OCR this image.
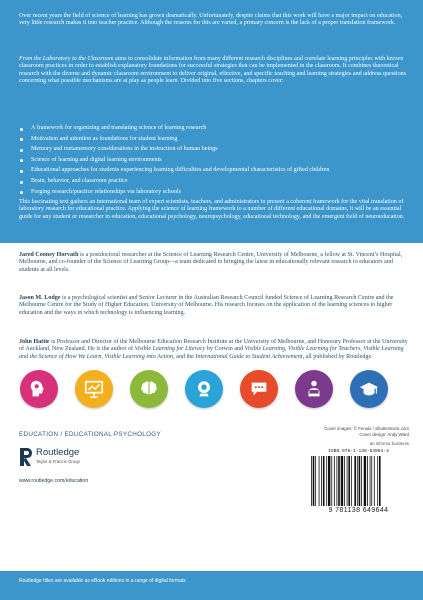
Over recent years the field of science of learning has grown dramatically. Unfortunately, despite claims that this work will have a major impact on education, very little research makes it into teacher practice. Although the reasons for this are varied, a primary concern is the lack of a proper translation framework.

From the Laboratory to the Classroom aims to consolidate information from many different research disciplines and correlate learning principles with known classroom practices in order to establish explanatory foundations for successful strategies that can be implemented in the classroom. It combines theoretical research with the diverse and dynamic classroom environment to deliver original, effective, and specific teaching and learning strategies and address questions concerning what possible mechanisms are at play as people learn. Divided into five sections, chapters cover:

A framework for organizing and translating science of learning research
Motivation and attention as foundations for student learning
Memory and metamemory considerations in the instruction of human beings
Science of learning and digital learning environments
Educational approaches for students experiencing learning difficulties and developmental characteristics of gifted children
Brain, behavior, and classroom practice
Forging research/practice relationships via laboratory schools

This fascinating text gathers an international team of expert scientists, teachers, and administrators to present a coherent framework for the vital translation of laboratory research for educational practice. Applying the science of learning framework to a number of different educational domains, it will be an essential guide for any student or researcher in education, educational psychology, neuropsychology, educational technology, and the emergent field of neuroeducation.

Jared Cooney Horvath is a postdoctoral researcher at the Science of Learning Research Centre, University of Melbourne, a fellow at St. Vincent’s Hospital, Melbourne, and co-founder of the Science of Learning Group—a team dedicated to bringing the latest in educationally relevant research to educators and students at all levels.

Jason M. Lodge is a psychological scientist and Senior Lecturer in the Australian Research Council funded Science of Learning Research Centre and the Melbourne Centre for the Study of Higher Education, University of Melbourne. His research focuses on the application of the learning sciences to higher education and the ways in which technology is influencing learning.

John Hattie is Professor and Director of the Melbourne Education Research Institute at the University of Melbourne, and Honorary Professor at the University of Auckland, New Zealand. He is the author of Visible Learning for Literacy by Corwin and Visible Learning, Visible Learning for Teachers, Visible Learning and the Science of How We Learn, Visible Learning into Action, and the International Guide to Student Achievement, all published by Routledge.

Cover images: © Fenuki / Shutterstock.com
Cover design: Andy Ward
an informa business
EDUCATION / EDUCATIONAL PSYCHOLOGY
Routledge
Taylor & Francis Group
www.routledge.com/education
ISBN 978-1-138-64964-4
9 781138 649644
Routledge titles are available as eBook editions in a range of digital formats
